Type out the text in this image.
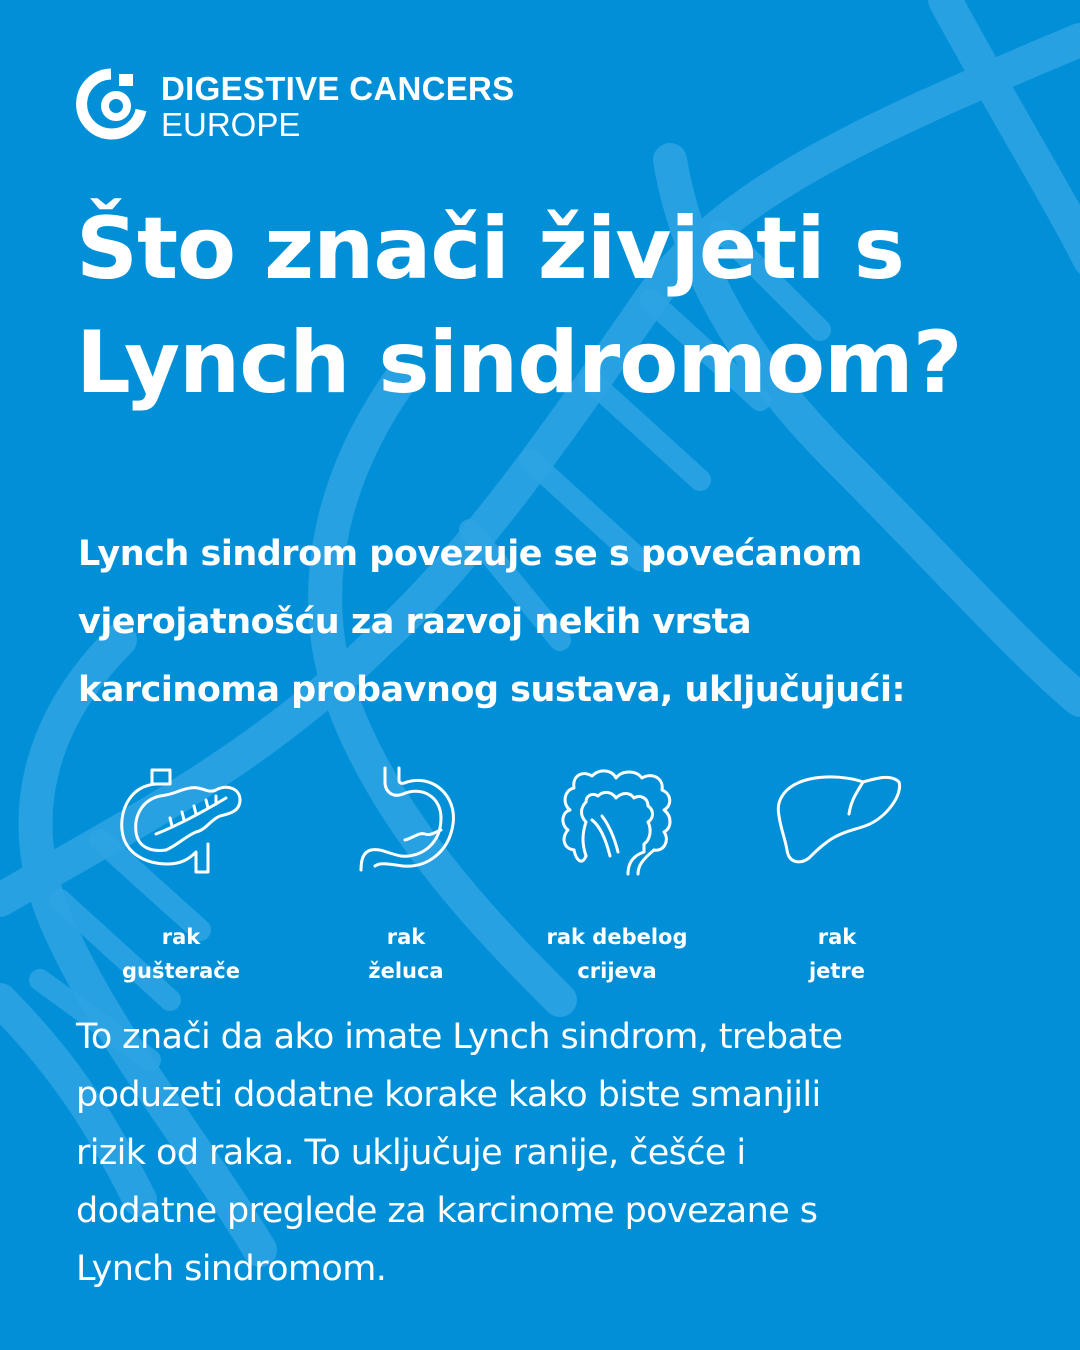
DIGESTIVE CANCERS
EUROPE
Što znači živjeti s
Lynch sindromom?

Lynch sindrom povezuje se s povećanom
vjerojatnošću za razvoj nekih vrsta
karcinoma probavnog sustava, uključujući:

rak
gušterače
rak
želuca
rak debelog
crijeva
rak
jetre

To znači da ako imate Lynch sindrom, trebate
poduzeti dodatne korake kako biste smanjili
rizik od raka. To uključuje ranije, češće i
dodatne preglede za karcinome povezane s
Lynch sindromom.
